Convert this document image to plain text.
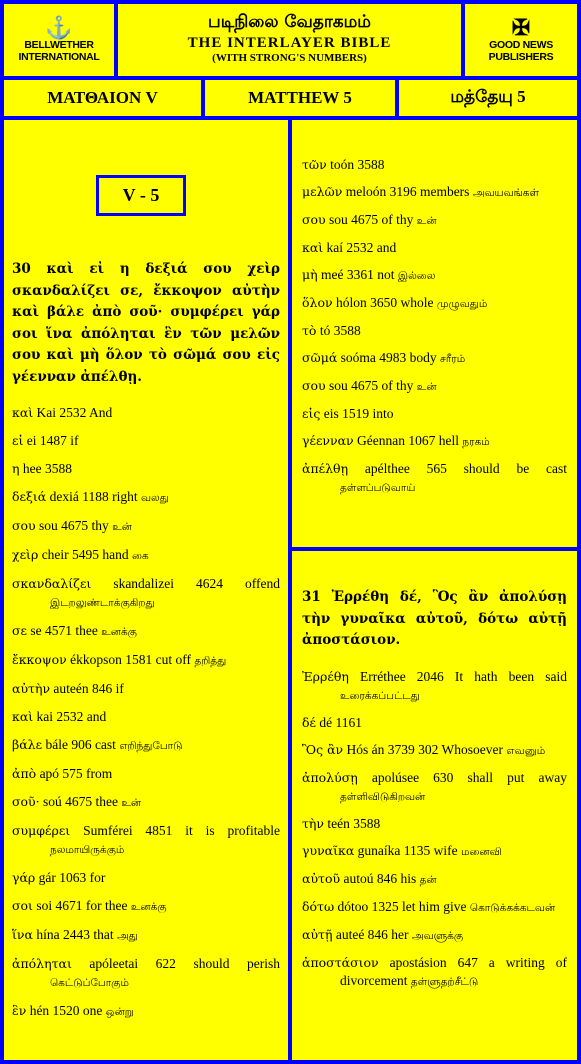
⚓
BELLWETHER INTERNATIONAL
படிநிலை வேதாகமம்
THE INTERLAYER BIBLE
(WITH STRONG'S NUMBERS)
✠
GOOD NEWS PUBLISHERS
ΜΑΤΘΑΙΟΝ V	MATTHEW 5	மத்தேயு 5
V - 5
30 καὶ εἰ η δεξιά σου χεὶρ σκανδαλίζει σε, ἔκκοψον αὐτὴν καὶ βάλε ἀπὸ σοῦ· συμφέρει γάρ σοι ἵνα ἀπόληται ἓν τῶν μελῶν σου καὶ μὴ ὅλον τὸ σῶμά σου εἰς γέενναν ἀπέλθῃ.
καὶ Kai 2532 And
εἰ ei 1487 if
η hee 3588
δεξιά dexiá 1188 right வலது
σου sou 4675 thy உன்
χεὶρ cheir 5495 hand கை
σκανδαλίζει skandalizei 4624 offend இடறலுண்டாக்குகிறது
σε se 4571 thee உனக்கு
ἔκκοψον ékkopson 1581 cut off தறித்து
αὐτὴν auteén 846 if
καὶ kai 2532 and
βάλε bále 906 cast எறிந்துபோடு
ἀπὸ apó 575 from
σοῦ· soú 4675 thee உன்
συμφέρει Sumférei 4851 it is profitable நலமாயிருக்கும்
γάρ gár 1063 for
σοι soi 4671 for thee உனக்கு
ἵνα hína 2443 that அது
ἀπόληται apóleetai 622 should perish கெட்டுப்போகும்
ἓν hén 1520 one ஒன்று
τῶν toón 3588
μελῶν meloón 3196 members அவயவங்கள்
σου sou 4675 of thy உன்
καὶ kaí 2532 and
μὴ meé 3361 not இல்லை
ὅλον hólon 3650 whole முழுவதும்
τὸ tó 3588
σῶμά soóma 4983 body சரீரம்
σου sou 4675 of thy உன்
εἰς eis 1519 into
γέενναν Géennan 1067 hell நரகம்
ἀπέλθῃ apélthee 565 should be cast தள்ளப்படுவாய்
31 Ἐρρέθη δέ, Ὃς ἂν ἀπολύσῃ τὴν γυναῖκα αὐτοῦ, δότω αὐτῇ ἀποστάσιον.
Ἐρρέθη Erréthee 2046 It hath been said உரைக்கப்பட்டது
δέ dé 1161
Ὃς ἂν Hós án 3739 302 Whosoever எவனும்
ἀπολύσῃ apolúsee 630 shall put away தள்ளிவிடுகிறவன்
τὴν teén 3588
γυναῖκα gunaíka 1135 wife மனைவி
αὐτοῦ autoú 846 his தன்
δότω dótoo 1325 let him give கொடுக்கக்கடவன்
αὐτῇ auteé 846 her அவளுக்கு
ἀποστάσιον apostásion 647 a writing of divorcement தள்ளுதற்சீட்டு
